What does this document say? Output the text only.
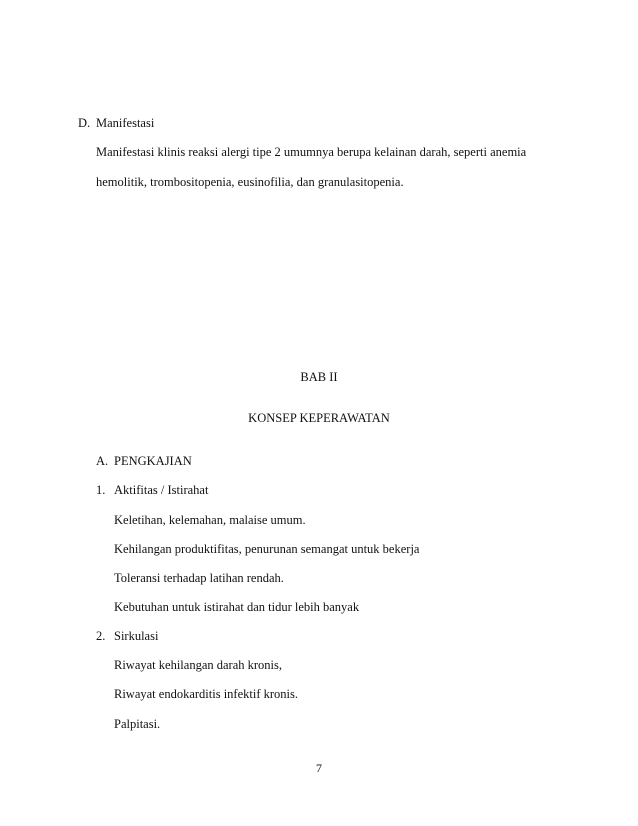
D. Manifestasi
Manifestasi klinis reaksi alergi tipe 2 umumnya berupa kelainan darah, seperti anemia
hemolitik, trombositopenia, eusinofilia, dan granulasitopenia.
BAB II
KONSEP KEPERAWATAN
A. PENGKAJIAN
1. Aktifitas / Istirahat
Keletihan, kelemahan, malaise umum.
Kehilangan produktifitas, penurunan semangat untuk bekerja
Toleransi terhadap latihan rendah.
Kebutuhan untuk istirahat dan tidur lebih banyak
2. Sirkulasi
Riwayat kehilangan darah kronis,
Riwayat endokarditis infektif kronis.
Palpitasi.
7
